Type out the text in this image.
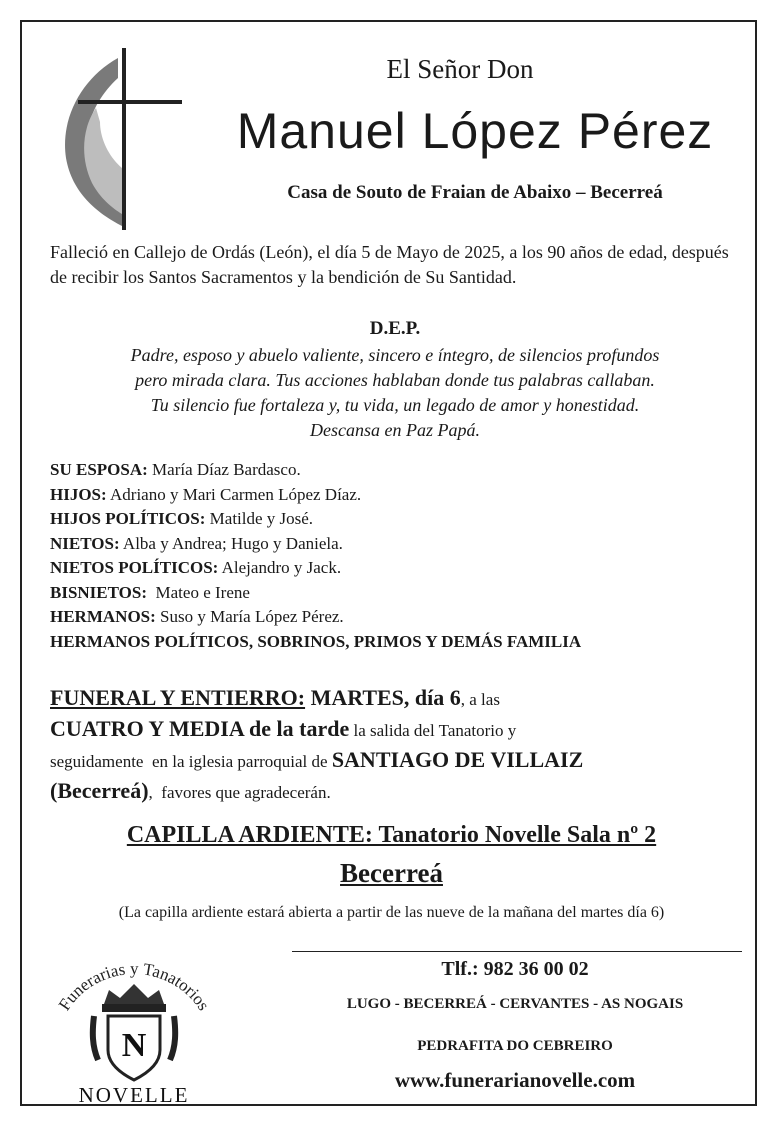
El Señor Don
Manuel López Pérez
Casa de Souto de Fraian de Abaixo – Becerreá
Falleció en Callejo de Ordás (León), el día 5 de Mayo de 2025, a los 90 años de edad, después de recibir los Santos Sacramentos y la bendición de Su Santidad.
D.E.P.
Padre, esposo y abuelo valiente, sincero e íntegro, de silencios profundos
pero mirada clara. Tus acciones hablaban donde tus palabras callaban.
Tu silencio fue fortaleza y, tu vida, un legado de amor y honestidad.
Descansa en Paz Papá.
SU ESPOSA: María Díaz Bardasco.
HIJOS: Adriano y Mari Carmen López Díaz.
HIJOS POLÍTICOS: Matilde y José.
NIETOS: Alba y Andrea; Hugo y Daniela.
NIETOS POLÍTICOS: Alejandro y Jack.
BISNIETOS:  Mateo e Irene
HERMANOS: Suso y María López Pérez.
HERMANOS POLÍTICOS, SOBRINOS, PRIMOS Y DEMÁS FAMILIA
FUNERAL Y ENTIERRO: MARTES, día 6, a las
CUATRO Y MEDIA de la tarde la salida del Tanatorio y
seguidamente  en la iglesia parroquial de SANTIAGO DE VILLAIZ
(Becerreá),  favores que agradecerán.
CAPILLA ARDIENTE: Tanatorio Novelle Sala nº 2
Becerreá
(La capilla ardiente estará abierta a partir de las nueve de la mañana del martes día 6)
Funerarias y Tanatorios
N
NOVELLE
Tlf.: 982 36 00 02
LUGO - BECERREÁ - CERVANTES - AS NOGAIS
PEDRAFITA DO CEBREIRO
www.funerarianovelle.com
